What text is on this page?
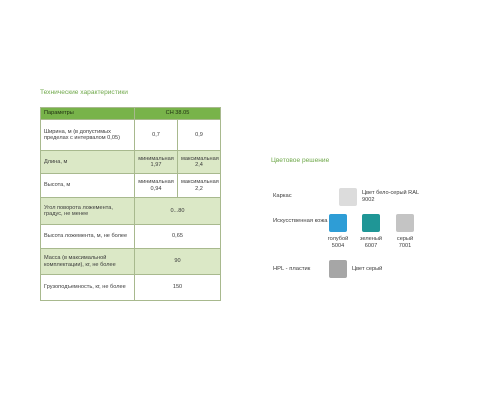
Технические характеристики
Параметры	СН 38.05	
Ширина, м (в допустимых пределах с интервалом 0,05)	0,7	0,9
Длина, м	минимальная 1,97	максимальная 2,4
Высота, м	минимальная 0,94	максимальная 2,2
Угол поворота ложемента, градус, не менее	0...80	
Высота ложемента, м, не более	0,65	
Масса (в максимальной комплектации), кг, не более	90	
Грузоподъемность, кг, не более	150	
Цветовое решение
Каркас	Цвет бело-серый RAL 9002
Искусственная кожа
голубой
5004
зеленый
6007
серый
7001
HPL - пластик	Цвет серый
